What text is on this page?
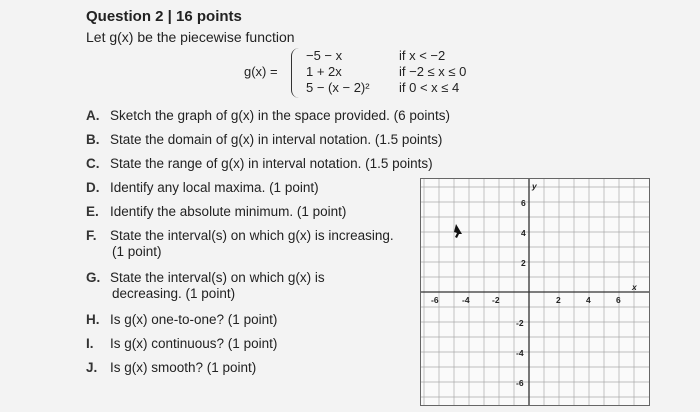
Question 2 | 16 points
Let g(x) be the piecewise function
g(x) =
−5 − x	if x < −2
1 + 2x	if −2 ≤ x ≤ 0
5 − (x − 2)² if 0 < x ≤ 4
A. Sketch the graph of g(x) in the space provided. (6 points)
B. State the domain of g(x) in interval notation. (1.5 points)
C. State the range of g(x) in interval notation. (1.5 points)
D. Identify any local maxima. (1 point)
E. Identify the absolute minimum. (1 point)
F. State the interval(s) on which g(x) is increasing.
(1 point)
G. State the interval(s) on which g(x) is
decreasing. (1 point)
H. Is g(x) one-to-one? (1 point)
I. Is g(x) continuous? (1 point)
J. Is g(x) smooth? (1 point)
-6	-4	-2	2	4	6
x
6
4
2
-2
-4
-6
y
